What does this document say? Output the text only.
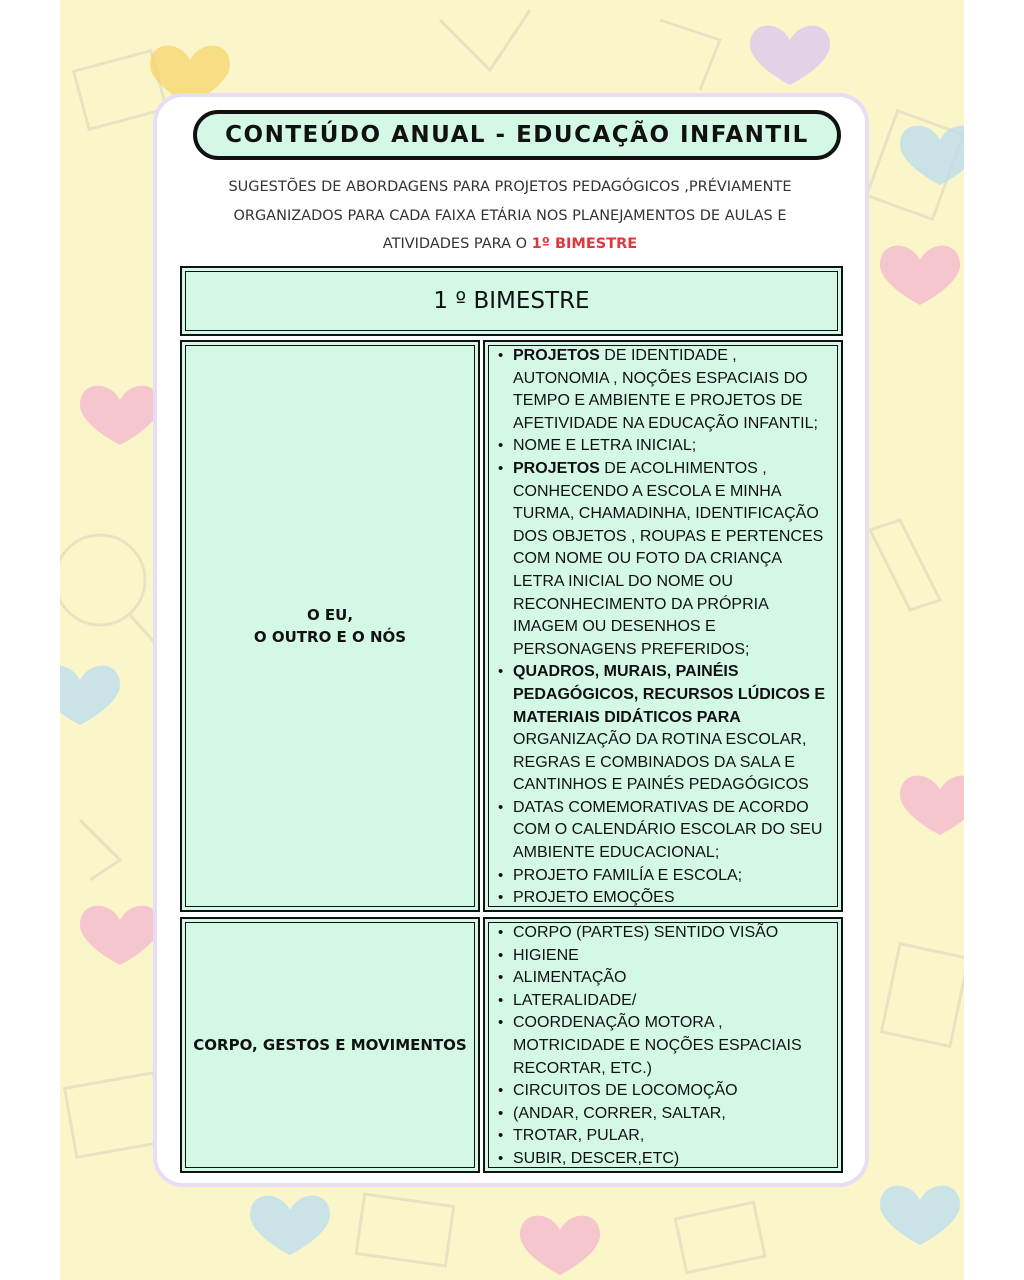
CONTEÚDO ANUAL - EDUCAÇÃO INFANTIL
SUGESTÕES DE ABORDAGENS PARA PROJETOS PEDAGÓGICOS ,PRÉVIAMENTE
ORGANIZADOS PARA CADA FAIXA ETÁRIA NOS PLANEJAMENTOS DE AULAS E
ATIVIDADES PARA O 1º BIMESTRE
1 º BIMESTRE
O EU,
O OUTRO E O NÓS
• PROJETOS DE IDENTIDADE , AUTONOMIA , NOÇÕES ESPACIAIS DO TEMPO E AMBIENTE E PROJETOS DE AFETIVIDADE NA EDUCAÇÃO INFANTIL;
• NOME E LETRA INICIAL;
• PROJETOS DE ACOLHIMENTOS , CONHECENDO A ESCOLA E MINHA TURMA, CHAMADINHA, IDENTIFICAÇÃO DOS OBJETOS , ROUPAS E PERTENCES COM NOME OU FOTO DA CRIANÇA LETRA INICIAL DO NOME OU RECONHECIMENTO DA PRÓPRIA IMAGEM OU DESENHOS E PERSONAGENS PREFERIDOS;
• QUADROS, MURAIS, PAINÉIS PEDAGÓGICOS, RECURSOS LÚDICOS E MATERIAIS DIDÁTICOS PARA ORGANIZAÇÃO DA ROTINA ESCOLAR, REGRAS E COMBINADOS DA SALA E CANTINHOS E PAINÉS PEDAGÓGICOS
• DATAS COMEMORATIVAS DE ACORDO COM O CALENDÁRIO ESCOLAR DO SEU AMBIENTE EDUCACIONAL;
• PROJETO FAMILÍA E ESCOLA;
• PROJETO EMOÇÕES
CORPO, GESTOS E MOVIMENTOS
• CORPO (PARTES) SENTIDO VISÃO
• HIGIENE
• ALIMENTAÇÃO
• LATERALIDADE/
• COORDENAÇÃO MOTORA , MOTRICIDADE E NOÇÕES ESPACIAIS RECORTAR, ETC.)
• CIRCUITOS DE LOCOMOÇÃO
• (ANDAR, CORRER, SALTAR,
• TROTAR, PULAR,
• SUBIR, DESCER,ETC)
